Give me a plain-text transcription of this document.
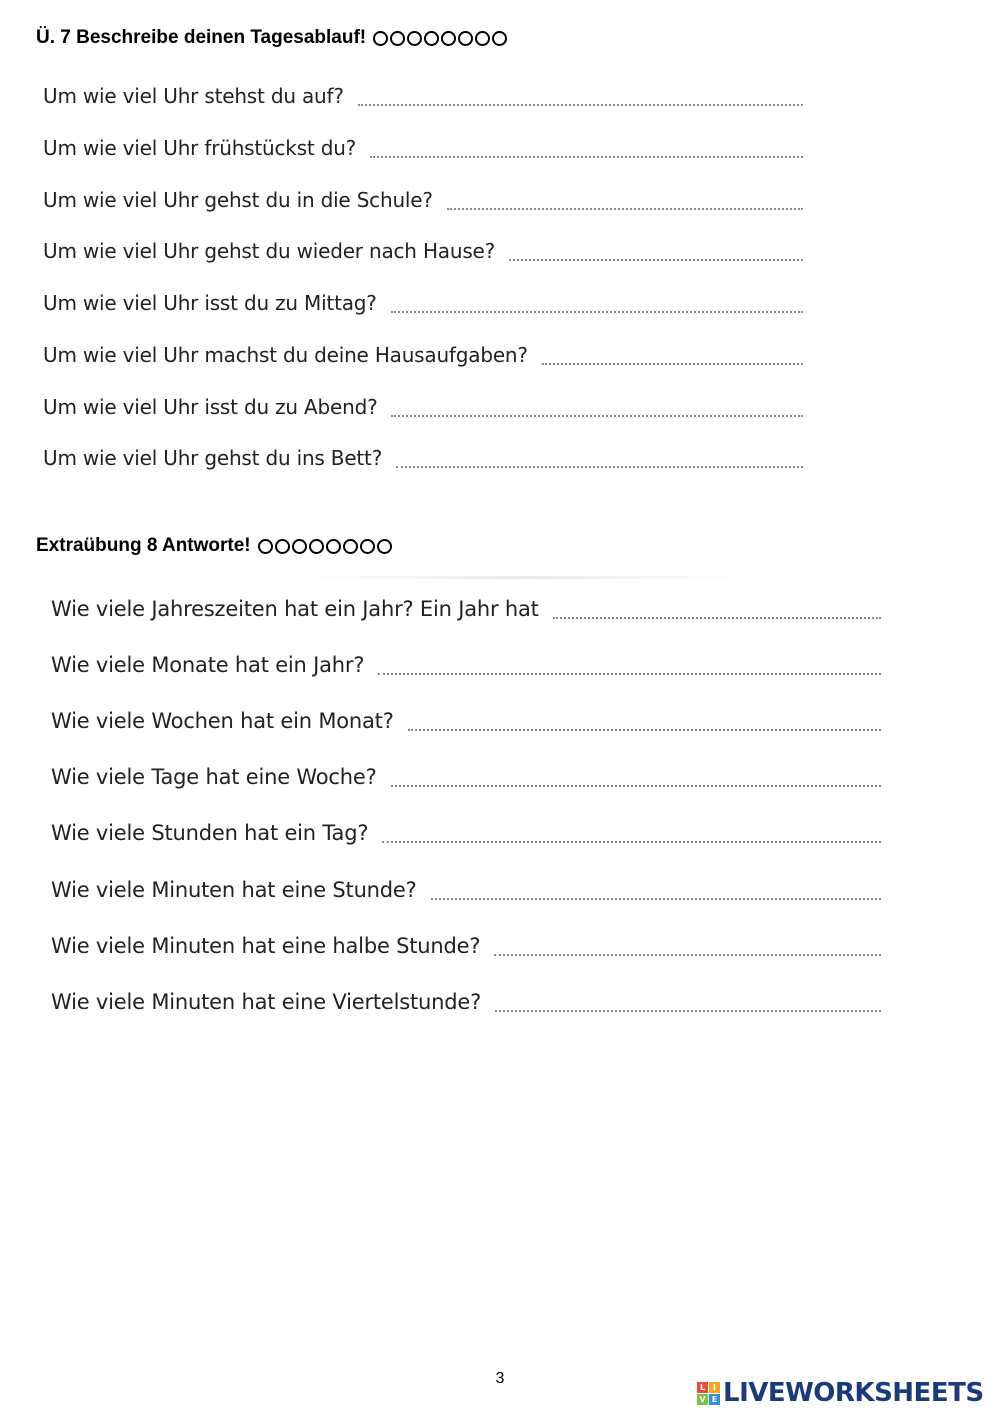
Ü. 7 Beschreibe deinen Tagesablauf!
Um wie viel Uhr stehst du auf?
Um wie viel Uhr frühstückst du?
Um wie viel Uhr gehst du in die Schule?
Um wie viel Uhr gehst du wieder nach Hause?
Um wie viel Uhr isst du zu Mittag?
Um wie viel Uhr machst du deine Hausaufgaben?
Um wie viel Uhr isst du zu Abend?
Um wie viel Uhr gehst du ins Bett?
Extraübung 8 Antworte!
Wie viele Jahreszeiten hat ein Jahr? Ein Jahr hat
Wie viele Monate hat ein Jahr?
Wie viele Wochen hat ein Monat?
Wie viele Tage hat eine Woche?
Wie viele Stunden hat ein Tag?
Wie viele Minuten hat eine Stunde?
Wie viele Minuten hat eine halbe Stunde?
Wie viele Minuten hat eine Viertelstunde?
3	L I
V E LIVEWORKSHEETS
